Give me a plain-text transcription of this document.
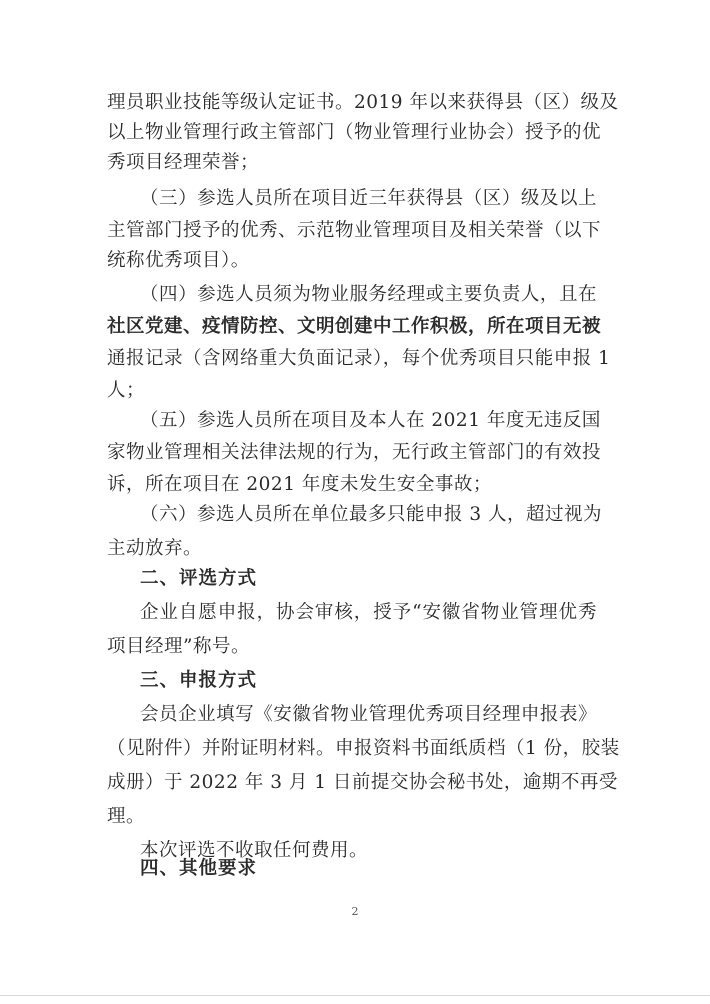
理员职业技能等级认定证书。2019 年以来获得县（区）级及
以上物业管理行政主管部门（物业管理行业协会）授予的优
秀项目经理荣誉；
（三）参选人员所在项目近三年获得县（区）级及以上
主管部门授予的优秀、示范物业管理项目及相关荣誉（以下
统称优秀项目）。
（四）参选人员须为物业服务经理或主要负责人，且在
社区党建、疫情防控、文明创建中工作积极，所在项目无被
通报记录（含网络重大负面记录），每个优秀项目只能申报 1
人；
（五）参选人员所在项目及本人在 2021 年度无违反国
家物业管理相关法律法规的行为，无行政主管部门的有效投
诉，所在项目在 2021 年度未发生安全事故；
（六）参选人员所在单位最多只能申报 3 人，超过视为
主动放弃。
二、评选方式
企业自愿申报，协会审核，授予“安徽省物业管理优秀
项目经理”称号。
三、申报方式
会员企业填写《安徽省物业管理优秀项目经理申报表》
（见附件）并附证明材料。申报资料书面纸质档（1 份，胶装
成册）于 2022 年 3 月 1 日前提交协会秘书处，逾期不再受
理。
本次评选不收取任何费用。
四、其他要求
2
